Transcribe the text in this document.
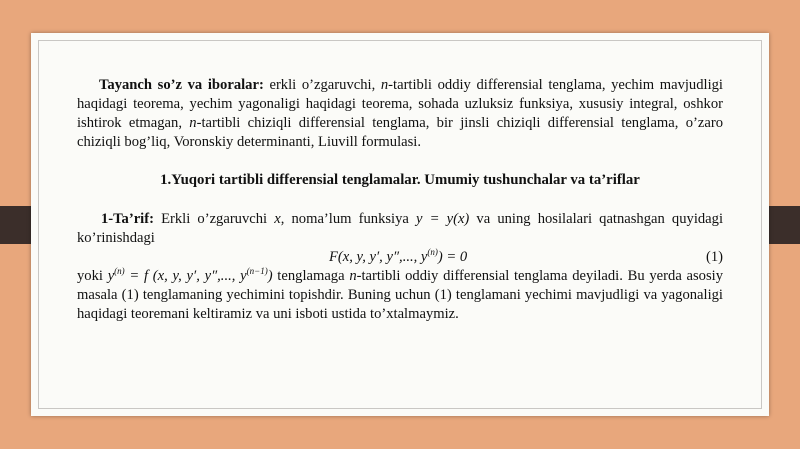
Tayanch so’z va iboralar: erkli o’zgaruvchi, n-tartibli oddiy differensial tenglama, yechim mavjudligi haqidagi teorema, yechim yagonaligi haqidagi teorema, sohada uzluksiz funksiya, xususiy integral, oshkor ishtirok etmagan, n-tartibli chiziqli differensial tenglama, bir jinsli chiziqli differensial tenglama, o’zaro chiziqli bog’liq, Voronskiy determinanti, Liuvill formulasi.

1.Yuqori tartibli differensial tenglamalar. Umumiy tushunchalar va ta’riflar

1-Ta’rif: Erkli o’zgaruvchi x, noma’lum funksiya y = y(x) va uning hosilalari qatnashgan quyidagi ko’rinishdagi

F(x, y, y′, y″,..., $y^{(n)}) = 0$	(1)

yoki $y^{(n)} = f$ (x, y, y′, y″,..., $y^{(n-1)}$) tenglamaga n-tartibli oddiy differensial tenglama deyiladi. Bu yerda asosiy masala (1) tenglamaning yechimini topishdir. Buning uchun (1) tenglamani yechimi mavjudligi va yagonaligi haqidagi teoremani keltiramiz va uni isboti ustida to’xtalmaymiz.
